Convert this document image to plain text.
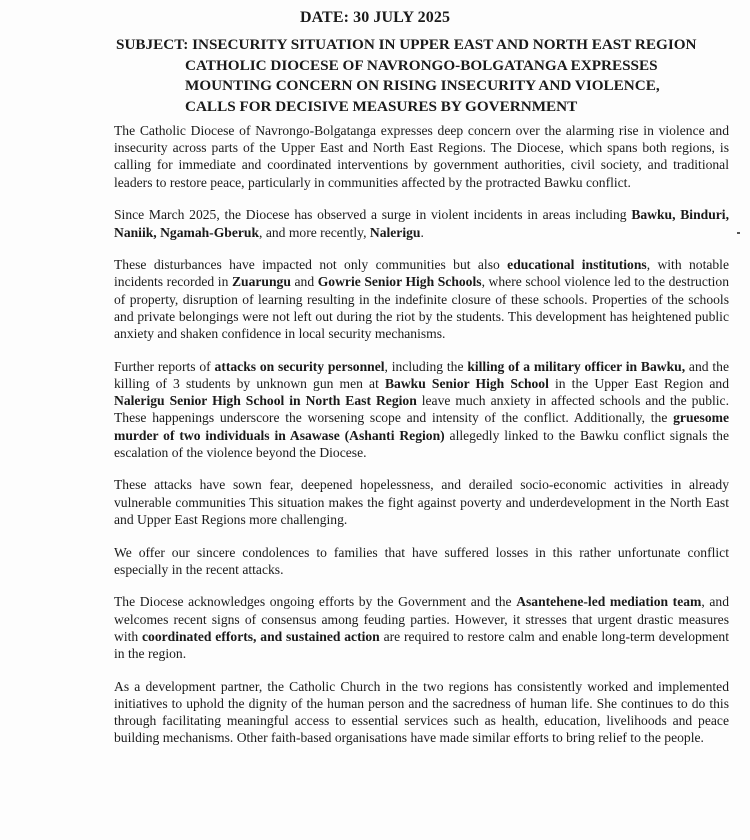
DATE: 30 JULY 2025
SUBJECT: INSECURITY SITUATION IN UPPER EAST AND NORTH EAST REGION
CATHOLIC DIOCESE OF NAVRONGO-BOLGATANGA EXPRESSES
MOUNTING CONCERN ON RISING INSECURITY AND VIOLENCE,
CALLS FOR DECISIVE MEASURES BY GOVERNMENT

The Catholic Diocese of Navrongo-Bolgatanga expresses deep concern over the alarming rise in violence and insecurity across parts of the Upper East and North East Regions. The Diocese, which spans both regions, is calling for immediate and coordinated interventions by government authorities, civil society, and traditional leaders to restore peace, particularly in communities affected by the protracted Bawku conflict.

Since March 2025, the Diocese has observed a surge in violent incidents in areas including Bawku, Binduri, Naniik, Ngamah-Gberuk, and more recently, Nalerigu.

These disturbances have impacted not only communities but also educational institutions, with notable incidents recorded in Zuarungu and Gowrie Senior High Schools, where school violence led to the destruction of property, disruption of learning resulting in the indefinite closure of these schools. Properties of the schools and private belongings were not left out during the riot by the students. This development has heightened public anxiety and shaken confidence in local security mechanisms.

Further reports of attacks on security personnel, including the killing of a military officer in Bawku, and the killing of 3 students by unknown gun men at Bawku Senior High School in the Upper East Region and Nalerigu Senior High School in North East Region leave much anxiety in affected schools and the public. These happenings underscore the worsening scope and intensity of the conflict. Additionally, the gruesome murder of two individuals in Asawase (Ashanti Region) allegedly linked to the Bawku conflict signals the escalation of the violence beyond the Diocese.

These attacks have sown fear, deepened hopelessness, and derailed socio-economic activities in already vulnerable communities This situation makes the fight against poverty and underdevelopment in the North East and Upper East Regions more challenging.

We offer our sincere condolences to families that have suffered losses in this rather unfortunate conflict especially in the recent attacks.

The Diocese acknowledges ongoing efforts by the Government and the Asantehene-led mediation team, and welcomes recent signs of consensus among feuding parties. However, it stresses that urgent drastic measures with coordinated efforts, and sustained action are required to restore calm and enable long-term development in the region.

As a development partner, the Catholic Church in the two regions has consistently worked and implemented initiatives to uphold the dignity of the human person and the sacredness of human life. She continues to do this through facilitating meaningful access to essential services such as health, education, livelihoods and peace building mechanisms. Other faith-based organisations have made similar efforts to bring relief to the people.
